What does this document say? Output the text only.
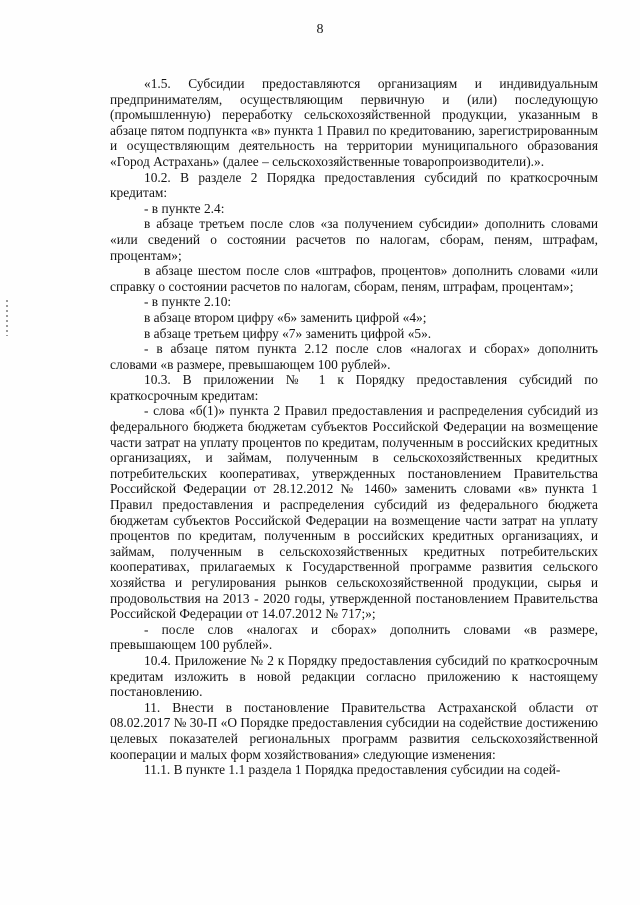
8

«1.5. Субсидии предоставляются организациям и индивидуальным предпринимателям, осуществляющим первичную и (или) последующую (промышленную) переработку сельскохозяйственной продукции, указанным в абзаце пятом подпункта «в» пункта 1 Правил по кредитованию, зарегистрированным и осуществляющим деятельность на территории муниципального образования «Город Астрахань» (далее – сельскохозяйственные товаропроизводители).».

10.2. В разделе 2 Порядка предоставления субсидий по краткосрочным кредитам:

- в пункте 2.4:

в абзаце третьем после слов «за получением субсидии» дополнить словами «или сведений о состоянии расчетов по налогам, сборам, пеням, штрафам, процентам»;

в абзаце шестом после слов «штрафов, процентов» дополнить словами «или справку о состоянии расчетов по налогам, сборам, пеням, штрафам, процентам»;

- в пункте 2.10:

в абзаце втором цифру «6» заменить цифрой «4»;

в абзаце третьем цифру «7» заменить цифрой «5».

- в абзаце пятом пункта 2.12 после слов «налогах и сборах» дополнить словами «в размере, превышающем 100 рублей».

10.3. В приложении № 1 к Порядку предоставления субсидий по краткосрочным кредитам:

- слова «б(1)» пункта 2 Правил предоставления и распределения субсидий из федерального бюджета бюджетам субъектов Российской Федерации на возмещение части затрат на уплату процентов по кредитам, полученным в российских кредитных организациях, и займам, полученным в сельскохозяйственных кредитных потребительских кооперативах, утвержденных постановлением Правительства Российской Федерации от 28.12.2012 № 1460» заменить словами «в» пункта 1 Правил предоставления и распределения субсидий из федерального бюджета бюджетам субъектов Российской Федерации на возмещение части затрат на уплату процентов по кредитам, полученным в российских кредитных организациях, и займам, полученным в сельскохозяйственных кредитных потребительских кооперативах, прилагаемых к Государственной программе развития сельского хозяйства и регулирования рынков сельскохозяйственной продукции, сырья и продовольствия на 2013 - 2020 годы, утвержденной постановлением Правительства Российской Федерации от 14.07.2012 № 717;»;

- после слов «налогах и сборах» дополнить словами «в размере, превышающем 100 рублей».

10.4. Приложение № 2 к Порядку предоставления субсидий по краткосрочным кредитам изложить в новой редакции согласно приложению к настоящему постановлению.

11. Внести в постановление Правительства Астраханской области от 08.02.2017 № 30-П «О Порядке предоставления субсидии на содействие достижению целевых показателей региональных программ развития сельскохозяйственной кооперации и малых форм хозяйствования» следующие изменения:

11.1. В пункте 1.1 раздела 1 Порядка предоставления субсидии на содей-
